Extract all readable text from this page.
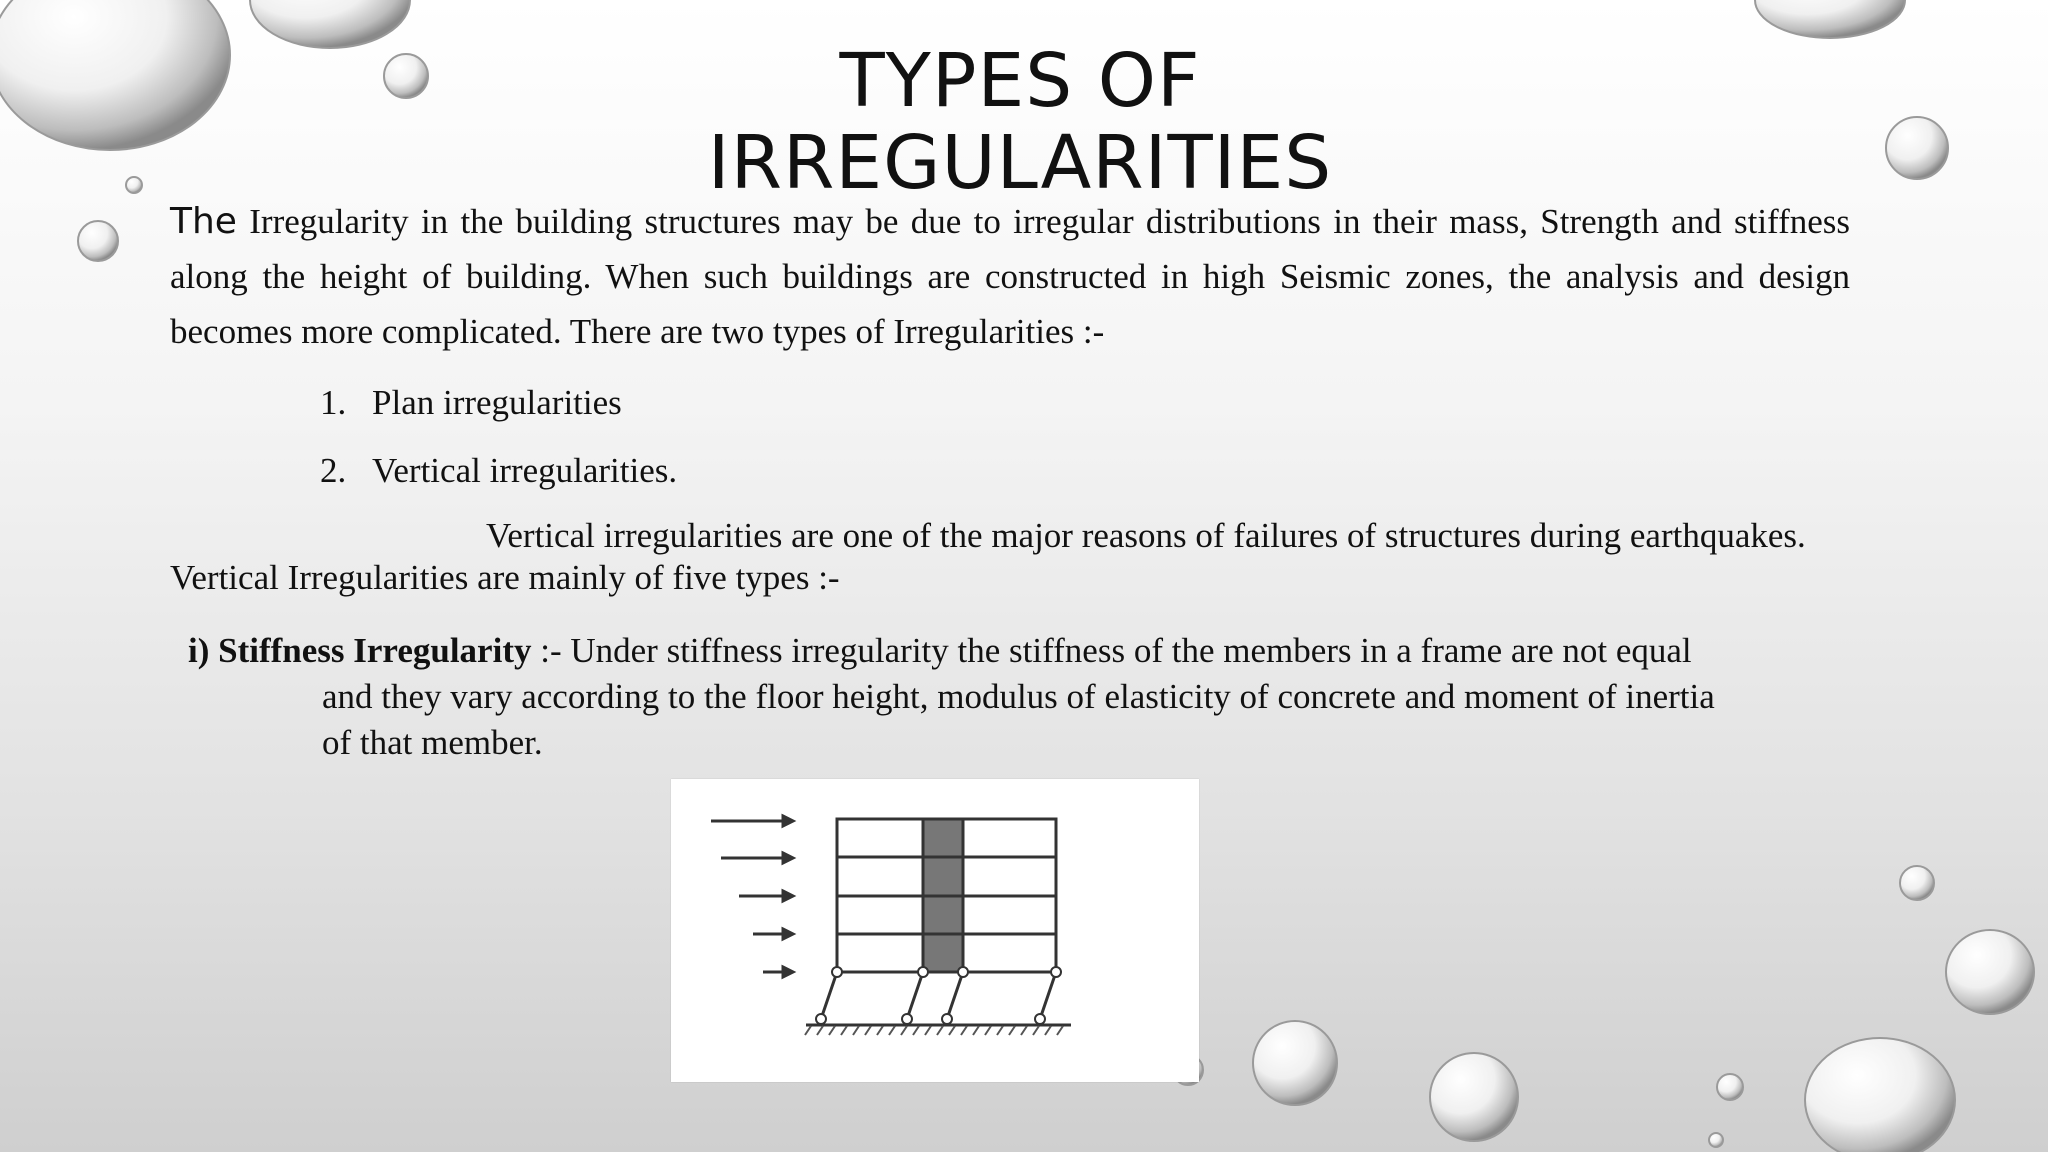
TYPES OF
IRREGULARITIES

The Irregularity in the building structures may be due to irregular distributions in their mass, Strength and stiffness along the height of building. When such buildings are constructed in high Seismic zones, the analysis and design becomes more complicated. There are two types of Irregularities :-

1. Plan irregularities
2. Vertical irregularities.

Vertical irregularities are one of the major reasons of failures of structures during earthquakes. Vertical Irregularities are mainly of five types :-

i) Stiffness Irregularity :- Under stiffness irregularity the stiffness of the members in a frame are not equal
and they vary according to the floor height, modulus of elasticity of concrete and moment of inertia
of that member.
